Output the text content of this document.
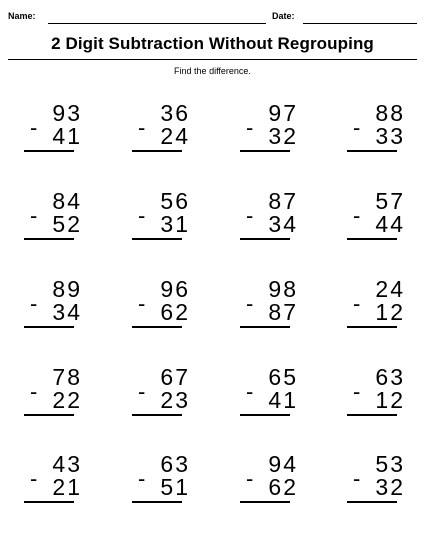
Name:	Date:
2 Digit Subtraction Without Regrouping
Find the difference.
93
- 41
36
- 24
97
- 32
88
- 33
84
- 52
56
- 31
87
- 34
57
- 44
89
- 34
96
- 62
98
- 87
24
- 12
78
- 22
67
- 23
65
- 41
63
- 12
43
- 21
63
- 51
94
- 62
53
- 32
